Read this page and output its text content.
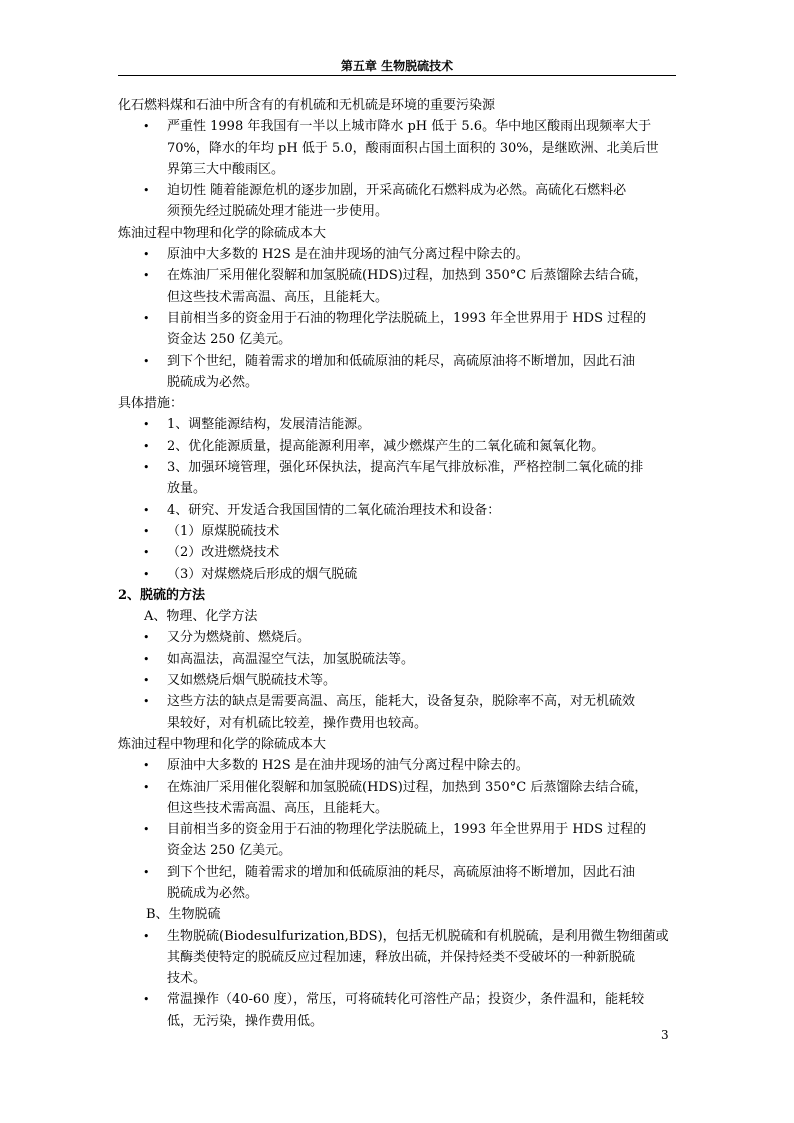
第五章 生物脱硫技术
化石燃料煤和石油中所含有的有机硫和无机硫是环境的重要污染源
• 严重性 1998 年我国有一半以上城市降水 pH 低于 5.6。华中地区酸雨出现频率大于
70%，降水的年均 pH 低于 5.0，酸雨面积占国土面积的 30%，是继欧洲、北美后世
界第三大中酸雨区。
• 迫切性 随着能源危机的逐步加剧，开采高硫化石燃料成为必然。高硫化石燃料必
须预先经过脱硫处理才能进一步使用。
炼油过程中物理和化学的除硫成本大
• 原油中大多数的 H2S 是在油井现场的油气分离过程中除去的。
• 在炼油厂采用催化裂解和加氢脱硫(HDS)过程，加热到 350°C 后蒸馏除去结合硫，
但这些技术需高温、高压，且能耗大。
• 目前相当多的资金用于石油的物理化学法脱硫上，1993 年全世界用于 HDS 过程的
资金达 250 亿美元。
• 到下个世纪，随着需求的增加和低硫原油的耗尽，高硫原油将不断增加，因此石油
脱硫成为必然。
具体措施：
• 1、调整能源结构，发展清洁能源。
• 2、优化能源质量，提高能源利用率，减少燃煤产生的二氧化硫和氮氧化物。
• 3、加强环境管理，强化环保执法，提高汽车尾气排放标准，严格控制二氧化硫的排
放量。
• 4、研究、开发适合我国国情的二氧化硫治理技术和设备：
• （1）原煤脱硫技术
• （2）改进燃烧技术
• （3）对煤燃烧后形成的烟气脱硫
2、脱硫的方法
A、物理、化学方法
• 又分为燃烧前、燃烧后。
• 如高温法，高温湿空气法，加氢脱硫法等。
• 又如燃烧后烟气脱硫技术等。
• 这些方法的缺点是需要高温、高压，能耗大，设备复杂，脱除率不高，对无机硫效
果较好，对有机硫比较差，操作费用也较高。
炼油过程中物理和化学的除硫成本大
• 原油中大多数的 H2S 是在油井现场的油气分离过程中除去的。
• 在炼油厂采用催化裂解和加氢脱硫(HDS)过程，加热到 350°C 后蒸馏除去结合硫，
但这些技术需高温、高压，且能耗大。
• 目前相当多的资金用于石油的物理化学法脱硫上，1993 年全世界用于 HDS 过程的
资金达 250 亿美元。
• 到下个世纪，随着需求的增加和低硫原油的耗尽，高硫原油将不断增加，因此石油
脱硫成为必然。
B、生物脱硫
• 生物脱硫(Biodesulfurization,BDS)，包括无机脱硫和有机脱硫，是利用微生物细菌或
其酶类使特定的脱硫反应过程加速，释放出硫，并保持烃类不受破坏的一种新脱硫
技术。
• 常温操作（40-60 度），常压，可将硫转化可溶性产品；投资少，条件温和，能耗较
低，无污染，操作费用低。
3
